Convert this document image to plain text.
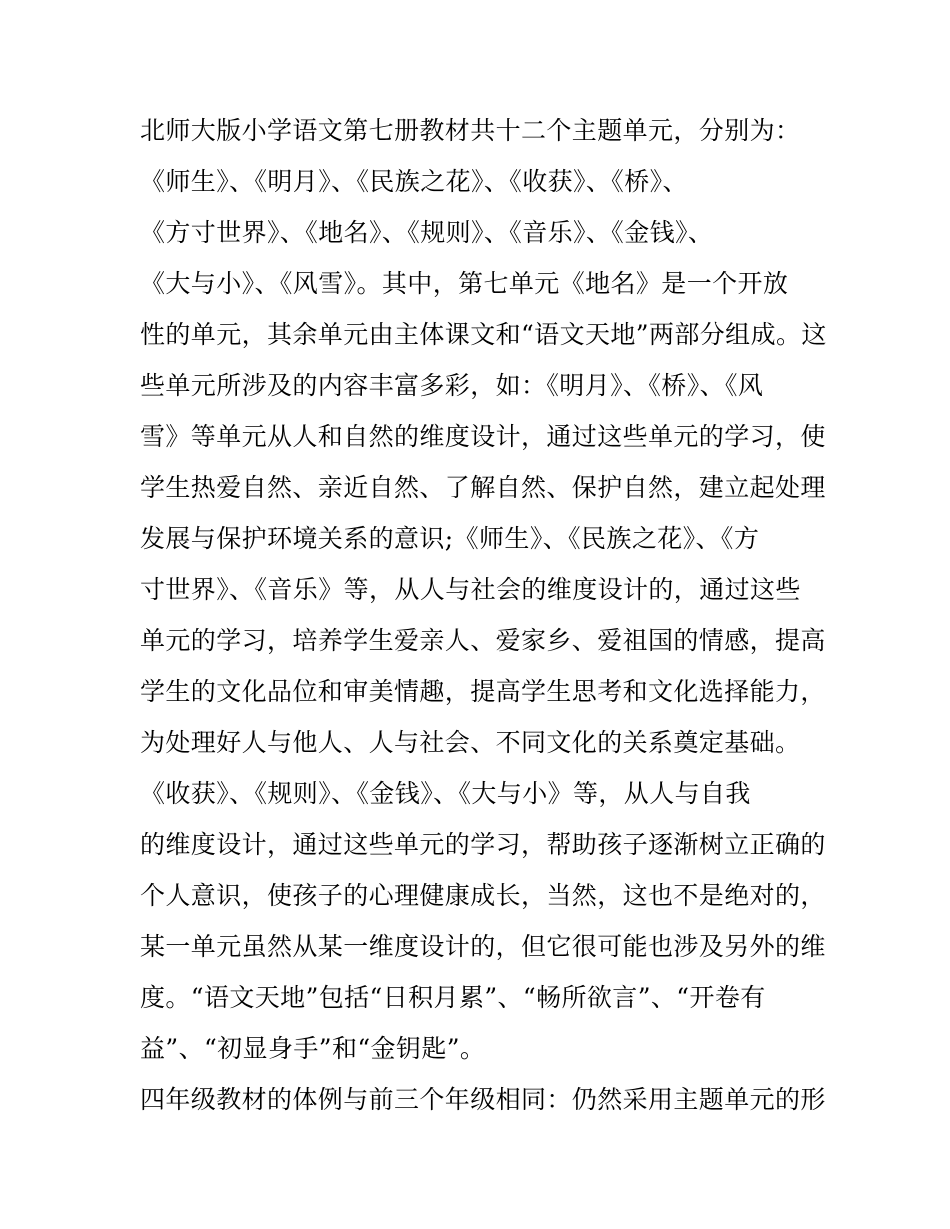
北师大版小学语文第七册教材共十二个主题单元，分别为：
《师生》、《明月》、《民族之花》、《收获》、《桥》、
《方寸世界》、《地名》、《规则》、《音乐》、《金钱》、
《大与小》、《风雪》。其中，第七单元《地名》是一个开放
性的单元，其余单元由主体课文和“语文天地”两部分组成。这
些单元所涉及的内容丰富多彩，如：《明月》、《桥》、《风
雪》等单元从人和自然的维度设计，通过这些单元的学习，使
学生热爱自然、亲近自然、了解自然、保护自然，建立起处理
发展与保护环境关系的意识;《师生》、《民族之花》、《方
寸世界》、《音乐》等，从人与社会的维度设计的，通过这些
单元的学习，培养学生爱亲人、爱家乡、爱祖国的情感，提高
学生的文化品位和审美情趣，提高学生思考和文化选择能力，
为处理好人与他人、人与社会、不同文化的关系奠定基础。
《收获》、《规则》、《金钱》、《大与小》等，从人与自我
的维度设计，通过这些单元的学习，帮助孩子逐渐树立正确的
个人意识，使孩子的心理健康成长，当然，这也不是绝对的，
某一单元虽然从某一维度设计的，但它很可能也涉及另外的维
度。“语文天地”包括“日积月累”、“畅所欲言”、“开卷有
益”、“初显身手”和“金钥匙”。
四年级教材的体例与前三个年级相同：仍然采用主题单元的形
